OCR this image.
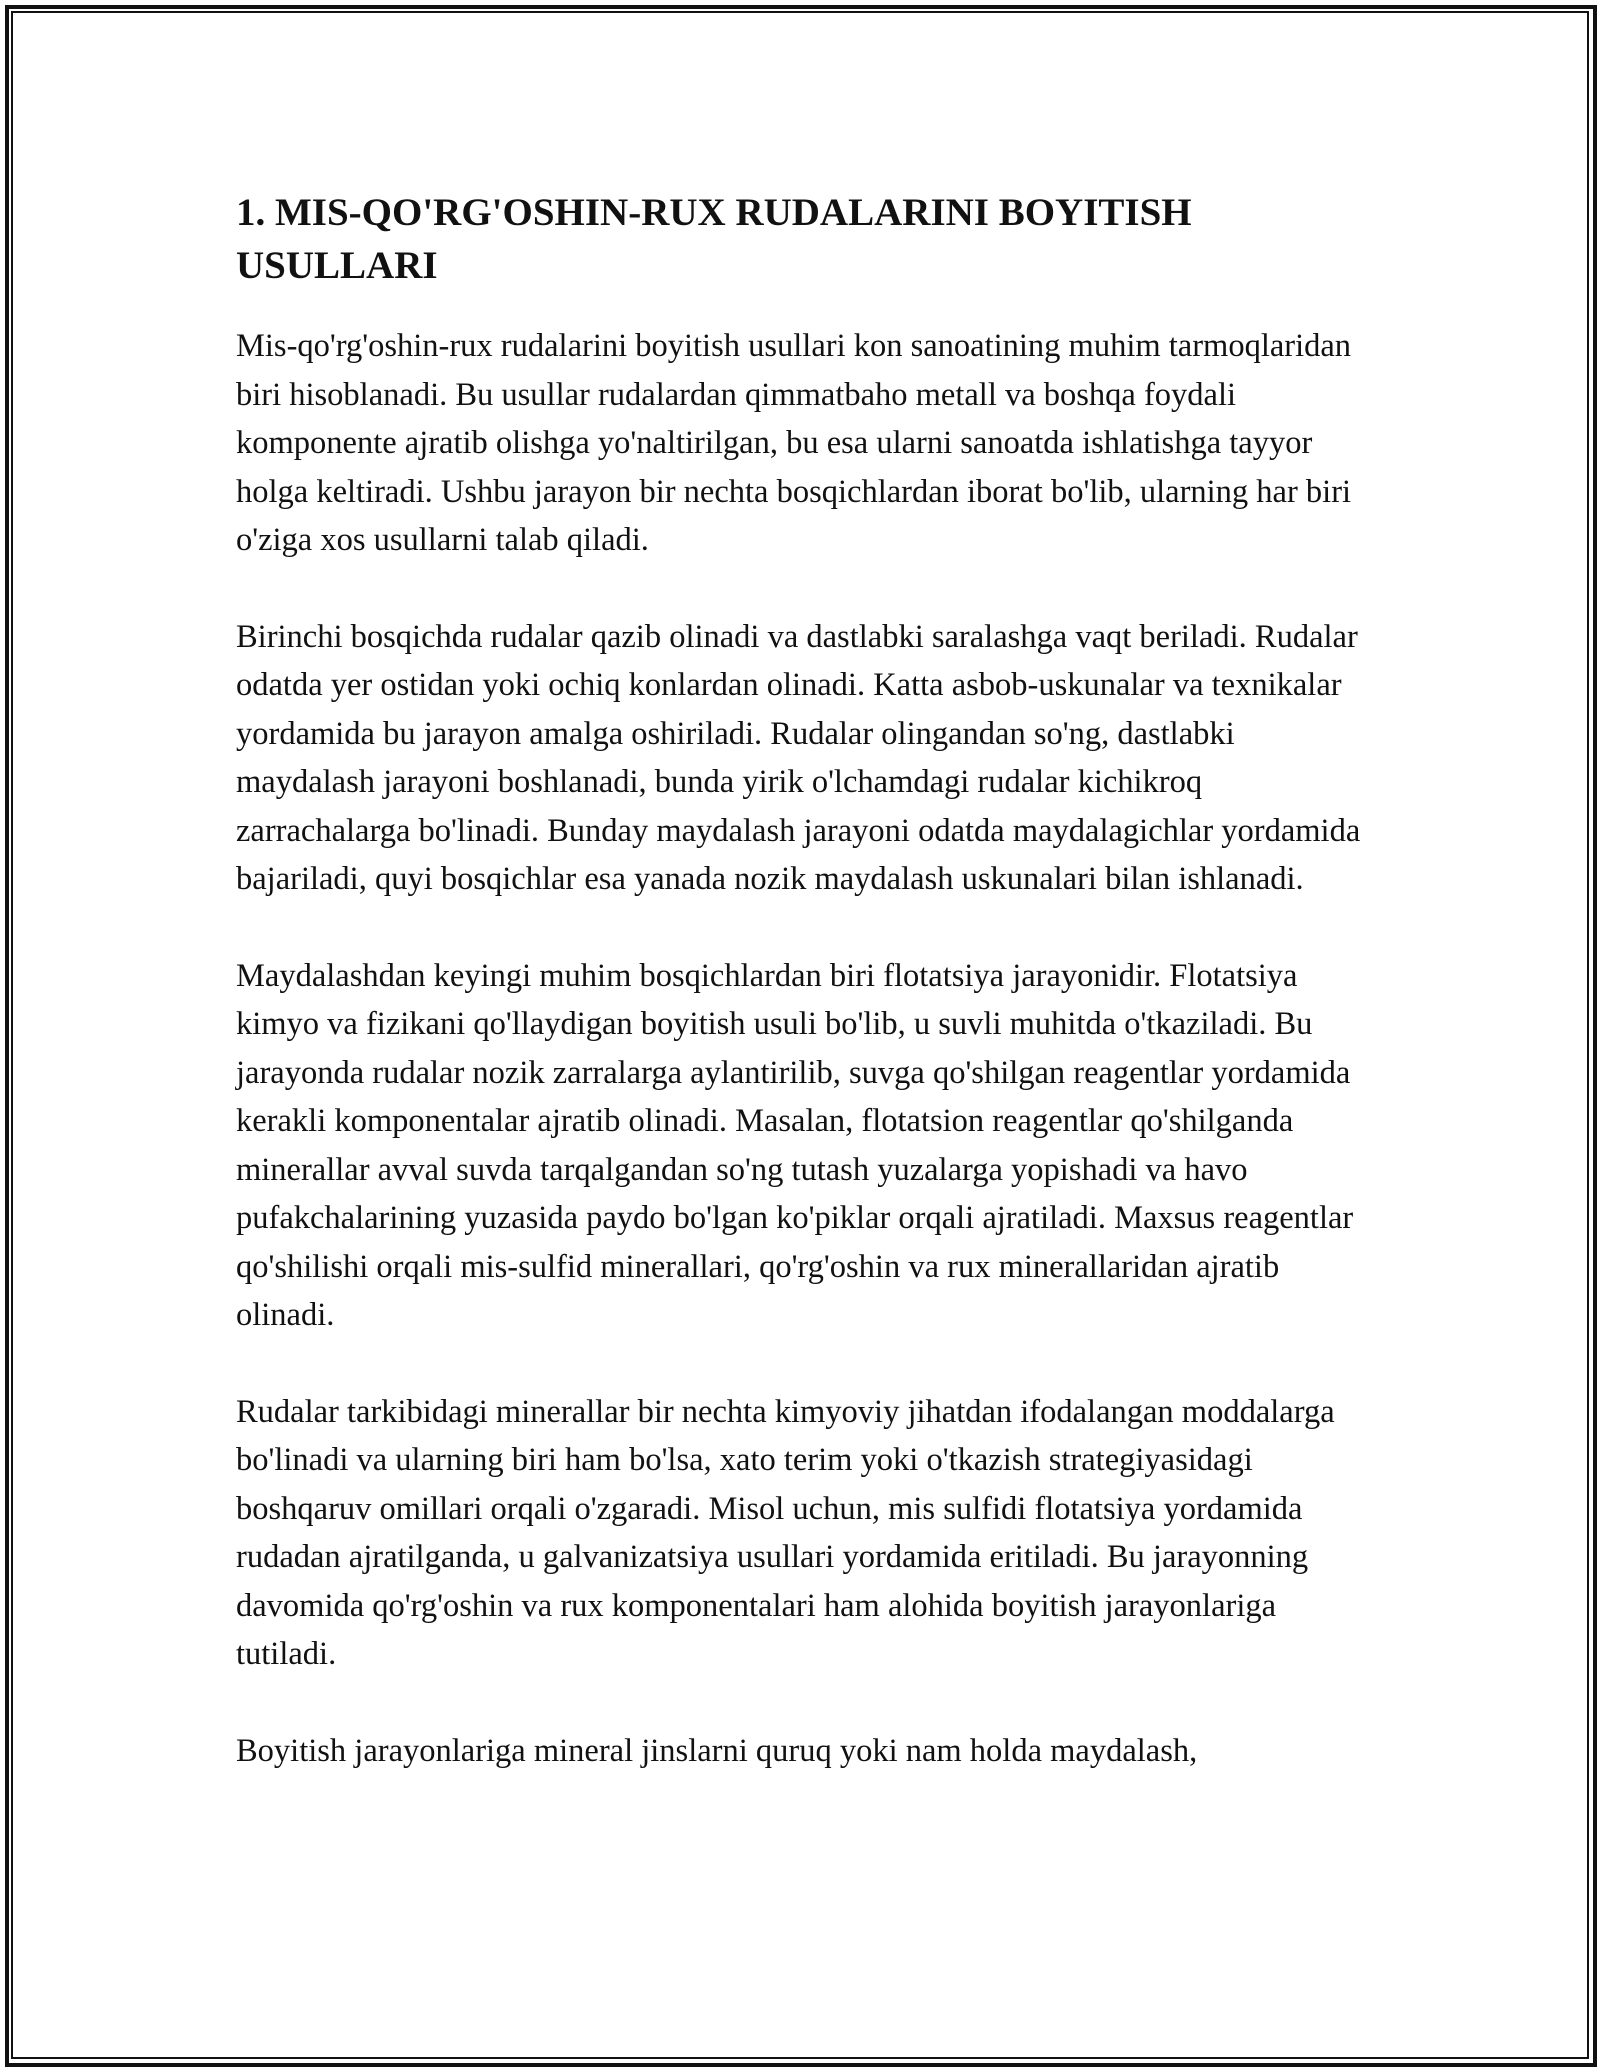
1. MIS-QO'RG'OSHIN-RUX RUDALARINI BOYITISH USULLARI

Mis-qo'rg'oshin-rux rudalarini boyitish usullari kon sanoatining muhim tarmoqlaridan biri hisoblanadi. Bu usullar rudalardan qimmatbaho metall va boshqa foydali komponente ajratib olishga yo'naltirilgan, bu esa ularni sanoatda ishlatishga tayyor holga keltiradi. Ushbu jarayon bir nechta bosqichlardan iborat bo'lib, ularning har biri o'ziga xos usullarni talab qiladi.

Birinchi bosqichda rudalar qazib olinadi va dastlabki saralashga vaqt beriladi. Rudalar odatda yer ostidan yoki ochiq konlardan olinadi. Katta asbob-uskunalar va texnikalar yordamida bu jarayon amalga oshiriladi. Rudalar olingandan so'ng, dastlabki maydalash jarayoni boshlanadi, bunda yirik o'lchamdagi rudalar kichikroq zarrachalarga bo'linadi. Bunday maydalash jarayoni odatda maydalagichlar yordamida bajariladi, quyi bosqichlar esa yanada nozik maydalash uskunalari bilan ishlanadi.

Maydalashdan keyingi muhim bosqichlardan biri flotatsiya jarayonidir. Flotatsiya kimyo va fizikani qo'llaydigan boyitish usuli bo'lib, u suvli muhitda o'tkaziladi. Bu jarayonda rudalar nozik zarralarga aylantirilib, suvga qo'shilgan reagentlar yordamida kerakli komponentalar ajratib olinadi. Masalan, flotatsion reagentlar qo'shilganda minerallar avval suvda tarqalgandan so'ng tutash yuzalarga yopishadi va havo pufakchalarining yuzasida paydo bo'lgan ko'piklar orqali ajratiladi. Maxsus reagentlar qo'shilishi orqali mis-sulfid minerallari, qo'rg'oshin va rux minerallaridan ajratib olinadi.

Rudalar tarkibidagi minerallar bir nechta kimyoviy jihatdan ifodalangan moddalarga bo'linadi va ularning biri ham bo'lsa, xato terim yoki o'tkazish strategiyasidagi boshqaruv omillari orqali o'zgaradi. Misol uchun, mis sulfidi flotatsiya yordamida rudadan ajratilganda, u galvanizatsiya usullari yordamida eritiladi. Bu jarayonning davomida qo'rg'oshin va rux komponentalari ham alohida boyitish jarayonlariga tutiladi.

Boyitish jarayonlariga mineral jinslarni quruq yoki nam holda maydalash,
